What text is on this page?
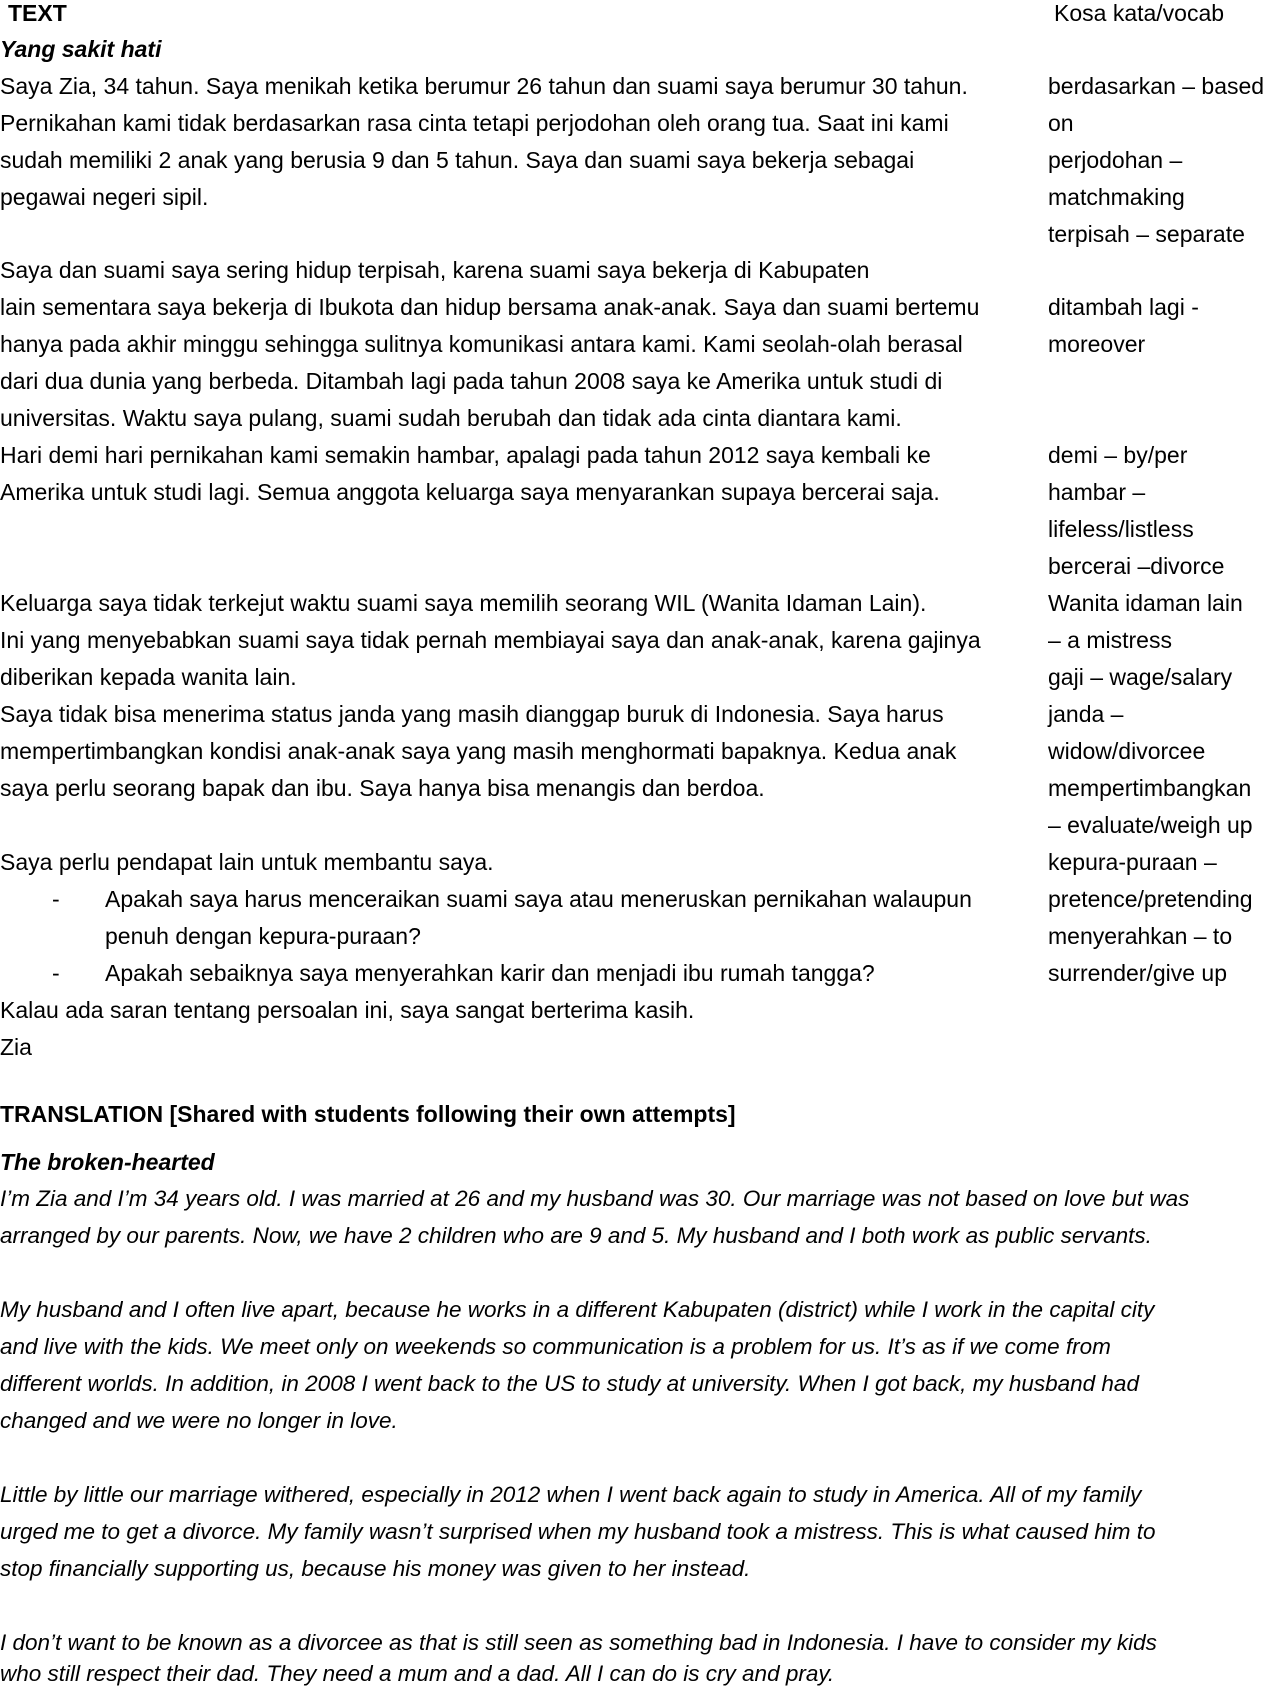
TEXT	Kosa kata/vocab
Yang sakit hati
Saya Zia, 34 tahun. Saya menikah ketika berumur 26 tahun dan suami saya berumur 30 tahun.
Pernikahan kami tidak berdasarkan rasa cinta tetapi perjodohan oleh orang tua. Saat ini kami
sudah memiliki 2 anak yang berusia 9 dan 5 tahun. Saya dan suami saya bekerja sebagai
pegawai negeri sipil.
Saya dan suami saya sering hidup terpisah, karena suami saya bekerja di Kabupaten
lain sementara saya bekerja di Ibukota dan hidup bersama anak-anak. Saya dan suami bertemu
hanya pada akhir minggu sehingga sulitnya komunikasi antara kami. Kami seolah-olah berasal
dari dua dunia yang berbeda. Ditambah lagi pada tahun 2008 saya ke Amerika untuk studi di
universitas. Waktu saya pulang, suami sudah berubah dan tidak ada cinta diantara kami.
Hari demi hari pernikahan kami semakin hambar, apalagi pada tahun 2012 saya kembali ke
Amerika untuk studi lagi. Semua anggota keluarga saya menyarankan supaya bercerai saja.
Keluarga saya tidak terkejut waktu suami saya memilih seorang WIL (Wanita Idaman Lain).
Ini yang menyebabkan suami saya tidak pernah membiayai saya dan anak-anak, karena gajinya
diberikan kepada wanita lain.
Saya tidak bisa menerima status janda yang masih dianggap buruk di Indonesia. Saya harus
mempertimbangkan kondisi anak-anak saya yang masih menghormati bapaknya. Kedua anak
saya perlu seorang bapak dan ibu. Saya hanya bisa menangis dan berdoa.
Saya perlu pendapat lain untuk membantu saya.
- Apakah saya harus menceraikan suami saya atau meneruskan pernikahan walaupun
penuh dengan kepura-puraan?
- Apakah sebaiknya saya menyerahkan karir dan menjadi ibu rumah tangga?
Kalau ada saran tentang persoalan ini, saya sangat berterima kasih.
Zia
berdasarkan – based
on
perjodohan –
matchmaking
terpisah – separate
ditambah lagi -
moreover
demi – by/per
hambar –
lifeless/listless
bercerai –divorce
Wanita idaman lain
– a mistress
gaji – wage/salary
janda –
widow/divorcee
mempertimbangkan
– evaluate/weigh up
kepura-puraan –
pretence/pretending
menyerahkan – to
surrender/give up
TRANSLATION [Shared with students following their own attempts]
The broken-hearted
I’m Zia and I’m 34 years old. I was married at 26 and my husband was 30. Our marriage was not based on love but was
arranged by our parents. Now, we have 2 children who are 9 and 5. My husband and I both work as public servants.
My husband and I often live apart, because he works in a different Kabupaten (district) while I work in the capital city
and live with the kids. We meet only on weekends so communication is a problem for us. It’s as if we come from
different worlds. In addition, in 2008 I went back to the US to study at university. When I got back, my husband had
changed and we were no longer in love.
Little by little our marriage withered, especially in 2012 when I went back again to study in America. All of my family
urged me to get a divorce. My family wasn’t surprised when my husband took a mistress. This is what caused him to
stop financially supporting us, because his money was given to her instead.
I don’t want to be known as a divorcee as that is still seen as something bad in Indonesia. I have to consider my kids
who still respect their dad. They need a mum and a dad. All I can do is cry and pray.
